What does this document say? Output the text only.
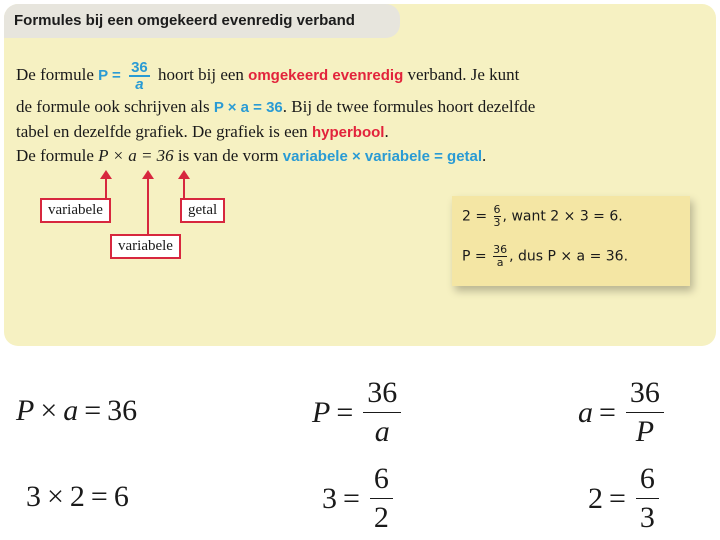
Formules bij een omgekeerd evenredig verband
De formule $P = \frac{36}{a}$ hoort bij een omgekeerd evenredig verband. Je kunt
de formule ook schrijven als P × a = 36. Bij de twee formules hoort dezelfde
tabel en dezelfde grafiek. De grafiek is een hyperbool.
De formule P × a = 36 is van de vorm variabele × variabele = getal.
variabele	getal
variabele
$2 = \frac{6}{3}$ , want 2 × 3 = 6.
$P = \frac{36}{a}$ , dus P × a = 36.
P × a = 36	$P = \frac{36}{a}$	$a = \frac{36}{P}$
3 × 2 = 6	$3 = \frac{6}{2}$	$2 = \frac{6}{3}$
